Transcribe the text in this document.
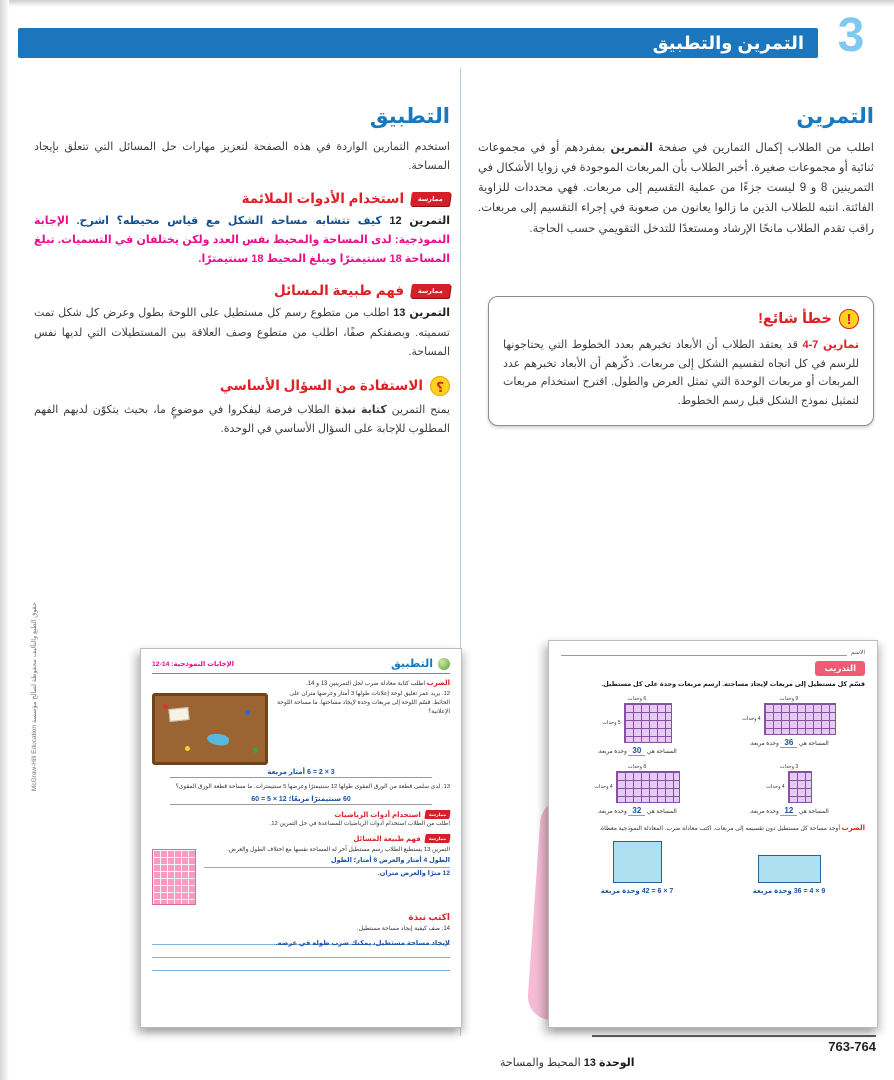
التمرين والتطبيق 3
التمرين

اطلب من الطلاب إكمال التمارين في صفحة التمرين بمفردهم أو في مجموعات ثنائية أو مجموعات صغيرة. أخبر الطلاب بأن المربعات الموجودة في زوايا الأشكال في التمرينين 8 و 9 ليست جزءًا من عملية التقسيم إلى مربعات. فهي محددات للزاوية الفائتة. انتبه للطلاب الذين ما زالوا يعانون من صعوبة في إجراء التقسيم إلى مربعات. راقب تقدم الطلاب مانحًا الإرشاد ومستعدًا للتدخل التقويمي حسب الحاجة.

!
خطأ شائع!

تمارين 7-4 قد يعتقد الطلاب أن الأبعاد تخبرهم بعدد الخطوط التي يحتاجونها للرسم في كل اتجاه لتقسيم الشكل إلى مربعات. ذكّرهم أن الأبعاد تخبرهم عدد المربعات أو مربعات الوحدة التي تمثل العرض والطول. اقترح استخدام مربعات لتمثيل نموذج الشكل قبل رسم الخطوط.

التطبيق

استخدم التمارين الواردة في هذه الصفحة لتعزيز مهارات حل المسائل التي تتعلق بإيجاد المساحة.

ممارسة
استخدام الأدوات الملائمة

التمرين 12 كيف تتشابه مساحة الشكل مع قياس محيطه؟ اشرح. الإجابة النموذجية: لدى المساحة والمحيط نفس العدد ولكن يختلفان في التسميات. تبلغ المساحة 18 سنتيمترًا ويبلغ المحيط 18 سنتيمترًا.

ممارسة
فهم طبيعة المسائل

التمرين 13 اطلب من متطوع رسم كل مستطيل على اللوحة بطول وعرض كل شكل تمت تسميته. وبصفتكم صفًا، اطلب من متطوع وصف العلاقة بين المستطيلات التي لديها نفس المساحة.

؟
الاستفادة من السؤال الأساسي

يمنح التمرين كتابة نبذة الطلاب فرصة ليفكروا في موضوعٍ ما، بحيث يتكوّن لديهم الفهم المطلوب للإجابة على السؤال الأساسي في الوحدة.

الاسم
التدريب
قسّم كل مستطيل إلى مربعات لإيجاد مساحته. ارسم مربعات وحدة على كل مستطيل.
9 وحدات
4 وحدات
المساحة هي 36 وحدة مربعة.
6 وحدات
5 وحدات
المساحة هي 30 وحدة مربعة.
3 وحدات
4 وحدات
المساحة هي 12 وحدة مربعة.
8 وحدات
4 وحدات
المساحة هي 32 وحدة مربعة.
الضرب أوجد مساحة كل مستطيل دون تقسيمه إلى مربعات. اكتب معادلة ضرب. المعادلة النموذجية معطاة.
9 × 4 = 36 وحدة مربعة
7 × 6 = 42 وحدة مربعة
التطبيق
الإجابات النموذجية: 14-12
الضرب اطلب كتابة معادلة ضرب لحل التمرينين 13 و 14.
12. يريد عمر تعليق لوحة إعلانات طولها 3 أمتار وعرضها متران على الحائط. قسّم اللوحة إلى مربعات وحدة لإيجاد مساحتها. ما مساحة اللوحة الإعلانية؟
3 × 2 = 6 أمتار مربعة
13. لدى سلمى قطعة من الورق المقوى طولها 12 سنتيمترًا وعرضها 5 سنتيمترات. ما مساحة قطعة الورق المقوى؟
60 سنتيمترًا مربعًا؛ 12 × 5 = 60
ممارسة
استخدام أدوات الرياضيات
اطلب من الطلاب استخدام أدوات الرياضيات للمساعدة في حل التمرين 12.
ممارسة
فهم طبيعة المسائل
التمرين 13 يستطيع الطلاب رسم مستطيل آخر له المساحة نفسها مع اختلاف الطول والعرض.
الطول 4 أمتار والعرض 6 أمتار؛ الطول
12 مترًا والعرض متران.
اكتب نبذة
14. صف كيفية إيجاد مساحة مستطيل.
لإيجاد مساحة مستطيل، يمكنك ضرب طوله في عرضه.
حقوق الطبع والتأليف محفوظة لصالح مؤسسة McGraw-Hill Education
763-764
الوحدة 13 المحيط والمساحة
